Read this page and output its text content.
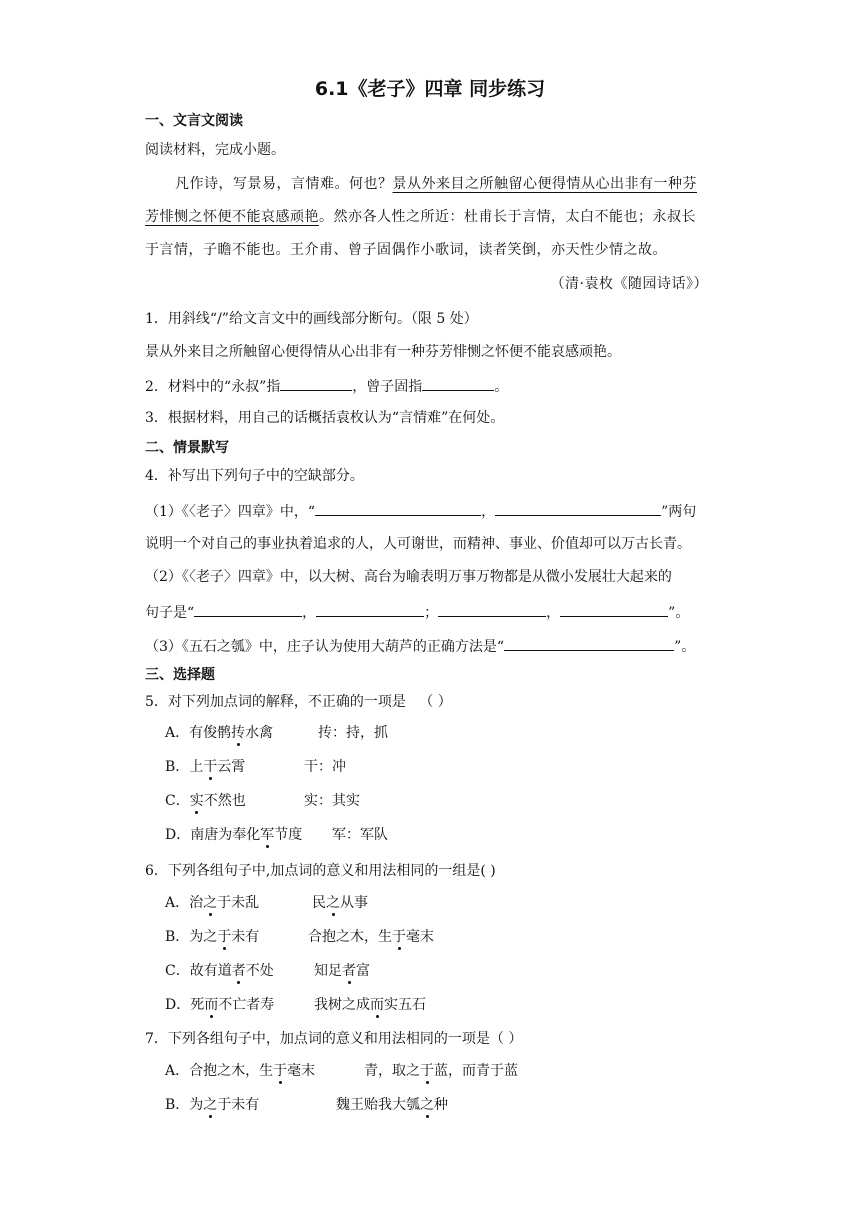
6.1《老子》四章 同步练习
一、文言文阅读
阅读材料，完成小题。
凡作诗，写景易，言情难。何也？景从外来目之所触留心便得情从心出非有一种芬
芳悱恻之怀便不能哀感顽艳。然亦各人性之所近：杜甫长于言情，太白不能也；永叔长
于言情，子瞻不能也。王介甫、曾子固偶作小歌词，读者笑倒，亦天性少情之故。
（清·袁枚《随园诗话》）
1．用斜线“/”给文言文中的画线部分断句。（限 5 处）
景从外来目之所触留心便得情从心出非有一种芬芳悱恻之怀便不能哀感顽艳。
2．材料中的“永叔”指	，曾子固指	。
3．根据材料，用自己的话概括袁枚认为“言情难”在何处。
二、情景默写
4．补写出下列句子中的空缺部分。
（1）《〈老子〉四章》中，“	，	”两句
说明一个对自己的事业执着追求的人，人可谢世，而精神、事业、价值却可以万古长青。
（2）《〈老子〉四章》中，以大树、高台为喻表明万事万物都是从微小发展壮大起来的
句子是“	，	；	，	”。
（3）《五石之瓠》中，庄子认为使用大葫芦的正确方法是“	”。
三、选择题
5．对下列加点词的解释，不正确的一项是 （ ）
A．有俊鹘抟水禽	抟：持，抓
B．上干云霄	干：冲
C．实不然也	实：其实
D．南唐为奉化军节度 军：军队
6．下列各组句子中,加点词的意义和用法相同的一组是( )
A．治之于未乱	民之从事
B．为之于未有	合抱之木，生于毫末
C．故有道者不处	知足者富
D．死而不亡者寿	我树之成而实五石
7．下列各组句子中，加点词的意义和用法相同的一项是（ ）
A．合抱之木，生于毫末	青，取之于蓝，而青于蓝
B．为之于未有	魏王贻我大瓠之种
